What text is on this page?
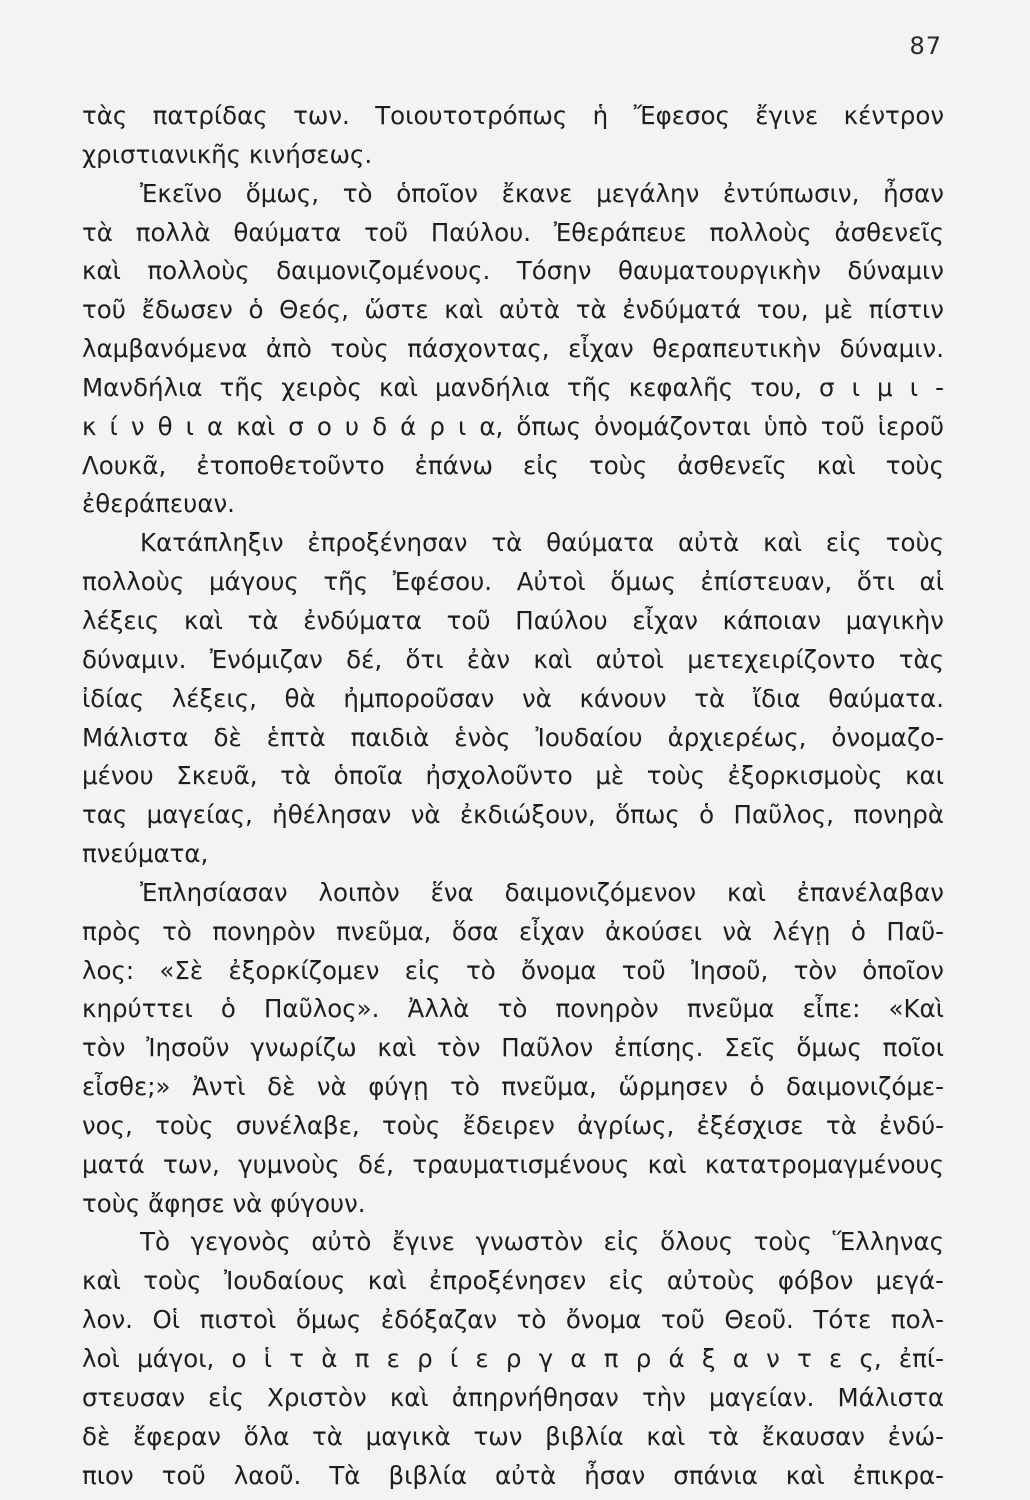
87
τὰς πατρίδας των. Τοιουτοτρόπως ἡ Ἔφεσος ἔγινε κέντρον
χριστιανικῆς κινήσεως.
Ἐκεῖνο ὅμως, τὸ ὁποῖον ἔκανε μεγάλην ἐντύπωσιν, ἦσαν
τὰ πολλὰ θαύματα τοῦ Παύλου. Ἐθεράπευε πολλοὺς ἀσθενεῖς
καὶ πολλοὺς δαιμονιζομένους. Τόσην θαυματουργικὴν δύναμιν
τοῦ ἔδωσεν ὁ Θεός, ὥστε καὶ αὐτὰ τὰ ἐνδύματά του, μὲ πίστιν
λαμβανόμενα ἀπὸ τοὺς πάσχοντας, εἶχαν θεραπευτικὴν δύναμιν.
Μανδήλια τῆς χειρὸς καὶ μανδήλια τῆς κεφαλῆς του, σ ι μ ι -
κ ί ν θ ι α καὶ σ ο υ δ ά ρ ι α, ὅπως ὀνομάζονται ὑπὸ τοῦ ἱεροῦ
Λουκᾶ, ἐτοποθετοῦντο ἐπάνω εἰς τοὺς ἀσθενεῖς καὶ τοὺς
ἐθεράπευαν.
Κατάπληξιν ἐπροξένησαν τὰ θαύματα αὐτὰ καὶ εἰς τοὺς
πολλοὺς μάγους τῆς Ἐφέσου. Αὐτοὶ ὅμως ἐπίστευαν, ὅτι αἱ
λέξεις καὶ τὰ ἐνδύματα τοῦ Παύλου εἶχαν κάποιαν μαγικὴν
δύναμιν. Ἐνόμιζαν δέ, ὅτι ἐὰν καὶ αὐτοὶ μετεχειρίζοντο τὰς
ἰδίας λέξεις, θὰ ἠμποροῦσαν νὰ κάνουν τὰ ἴδια θαύματα.
Μάλιστα δὲ ἑπτὰ παιδιὰ ἑνὸς Ἰουδαίου ἀρχιερέως, ὀνομαζο-
μένου Σκευᾶ, τὰ ὁποῖα ἠσχολοῦντο μὲ τοὺς ἐξορκισμοὺς και
τας μαγείας, ἠθέλησαν νὰ ἐκδιώξουν, ὅπως ὁ Παῦλος, πονηρὰ
πνεύματα,
Ἐπλησίασαν λοιπὸν ἕνα δαιμονιζόμενον καὶ ἐπανέλαβαν
πρὸς τὸ πονηρὸν πνεῦμα, ὅσα εἶχαν ἀκούσει νὰ λέγῃ ὁ Παῦ-
λος: «Σὲ ἐξορκίζομεν εἰς τὸ ὄνομα τοῦ Ἰησοῦ, τὸν ὁποῖον
κηρύττει ὁ Παῦλος». Ἀλλὰ τὸ πονηρὸν πνεῦμα εἶπε: «Καὶ
τὸν Ἰησοῦν γνωρίζω καὶ τὸν Παῦλον ἐπίσης. Σεῖς ὅμως ποῖοι
εἶσθε;» Ἀντὶ δὲ νὰ φύγῃ τὸ πνεῦμα, ὥρμησεν ὁ δαιμονιζόμε-
νος, τοὺς συνέλαβε, τοὺς ἔδειρεν ἀγρίως, ἐξέσχισε τὰ ἐνδύ-
ματά των, γυμνοὺς δέ, τραυματισμένους καὶ κατατρομαγμένους
τοὺς ἄφησε νὰ φύγουν.
Τὸ γεγονὸς αὐτὸ ἔγινε γνωστὸν εἰς ὅλους τοὺς Ἕλληνας
καὶ τοὺς Ἰουδαίους καὶ ἐπροξένησεν εἰς αὐτοὺς φόβον μεγά-
λον. Οἱ πιστοὶ ὅμως ἐδόξαζαν τὸ ὄνομα τοῦ Θεοῦ. Τότε πολ-
λοὶ μάγοι, ο ἱ τ ὰ π ε ρ ί ε ρ γ α π ρ ά ξ α ν τ ε ς, ἐπί-
στευσαν εἰς Χριστὸν καὶ ἀπηρνήθησαν τὴν μαγείαν. Μάλιστα
δὲ ἔφεραν ὅλα τὰ μαγικὰ των βιβλία καὶ τὰ ἔκαυσαν ἐνώ-
πιον τοῦ λαοῦ. Τὰ βιβλία αὐτὰ ἦσαν σπάνια καὶ ἐπικρα-
